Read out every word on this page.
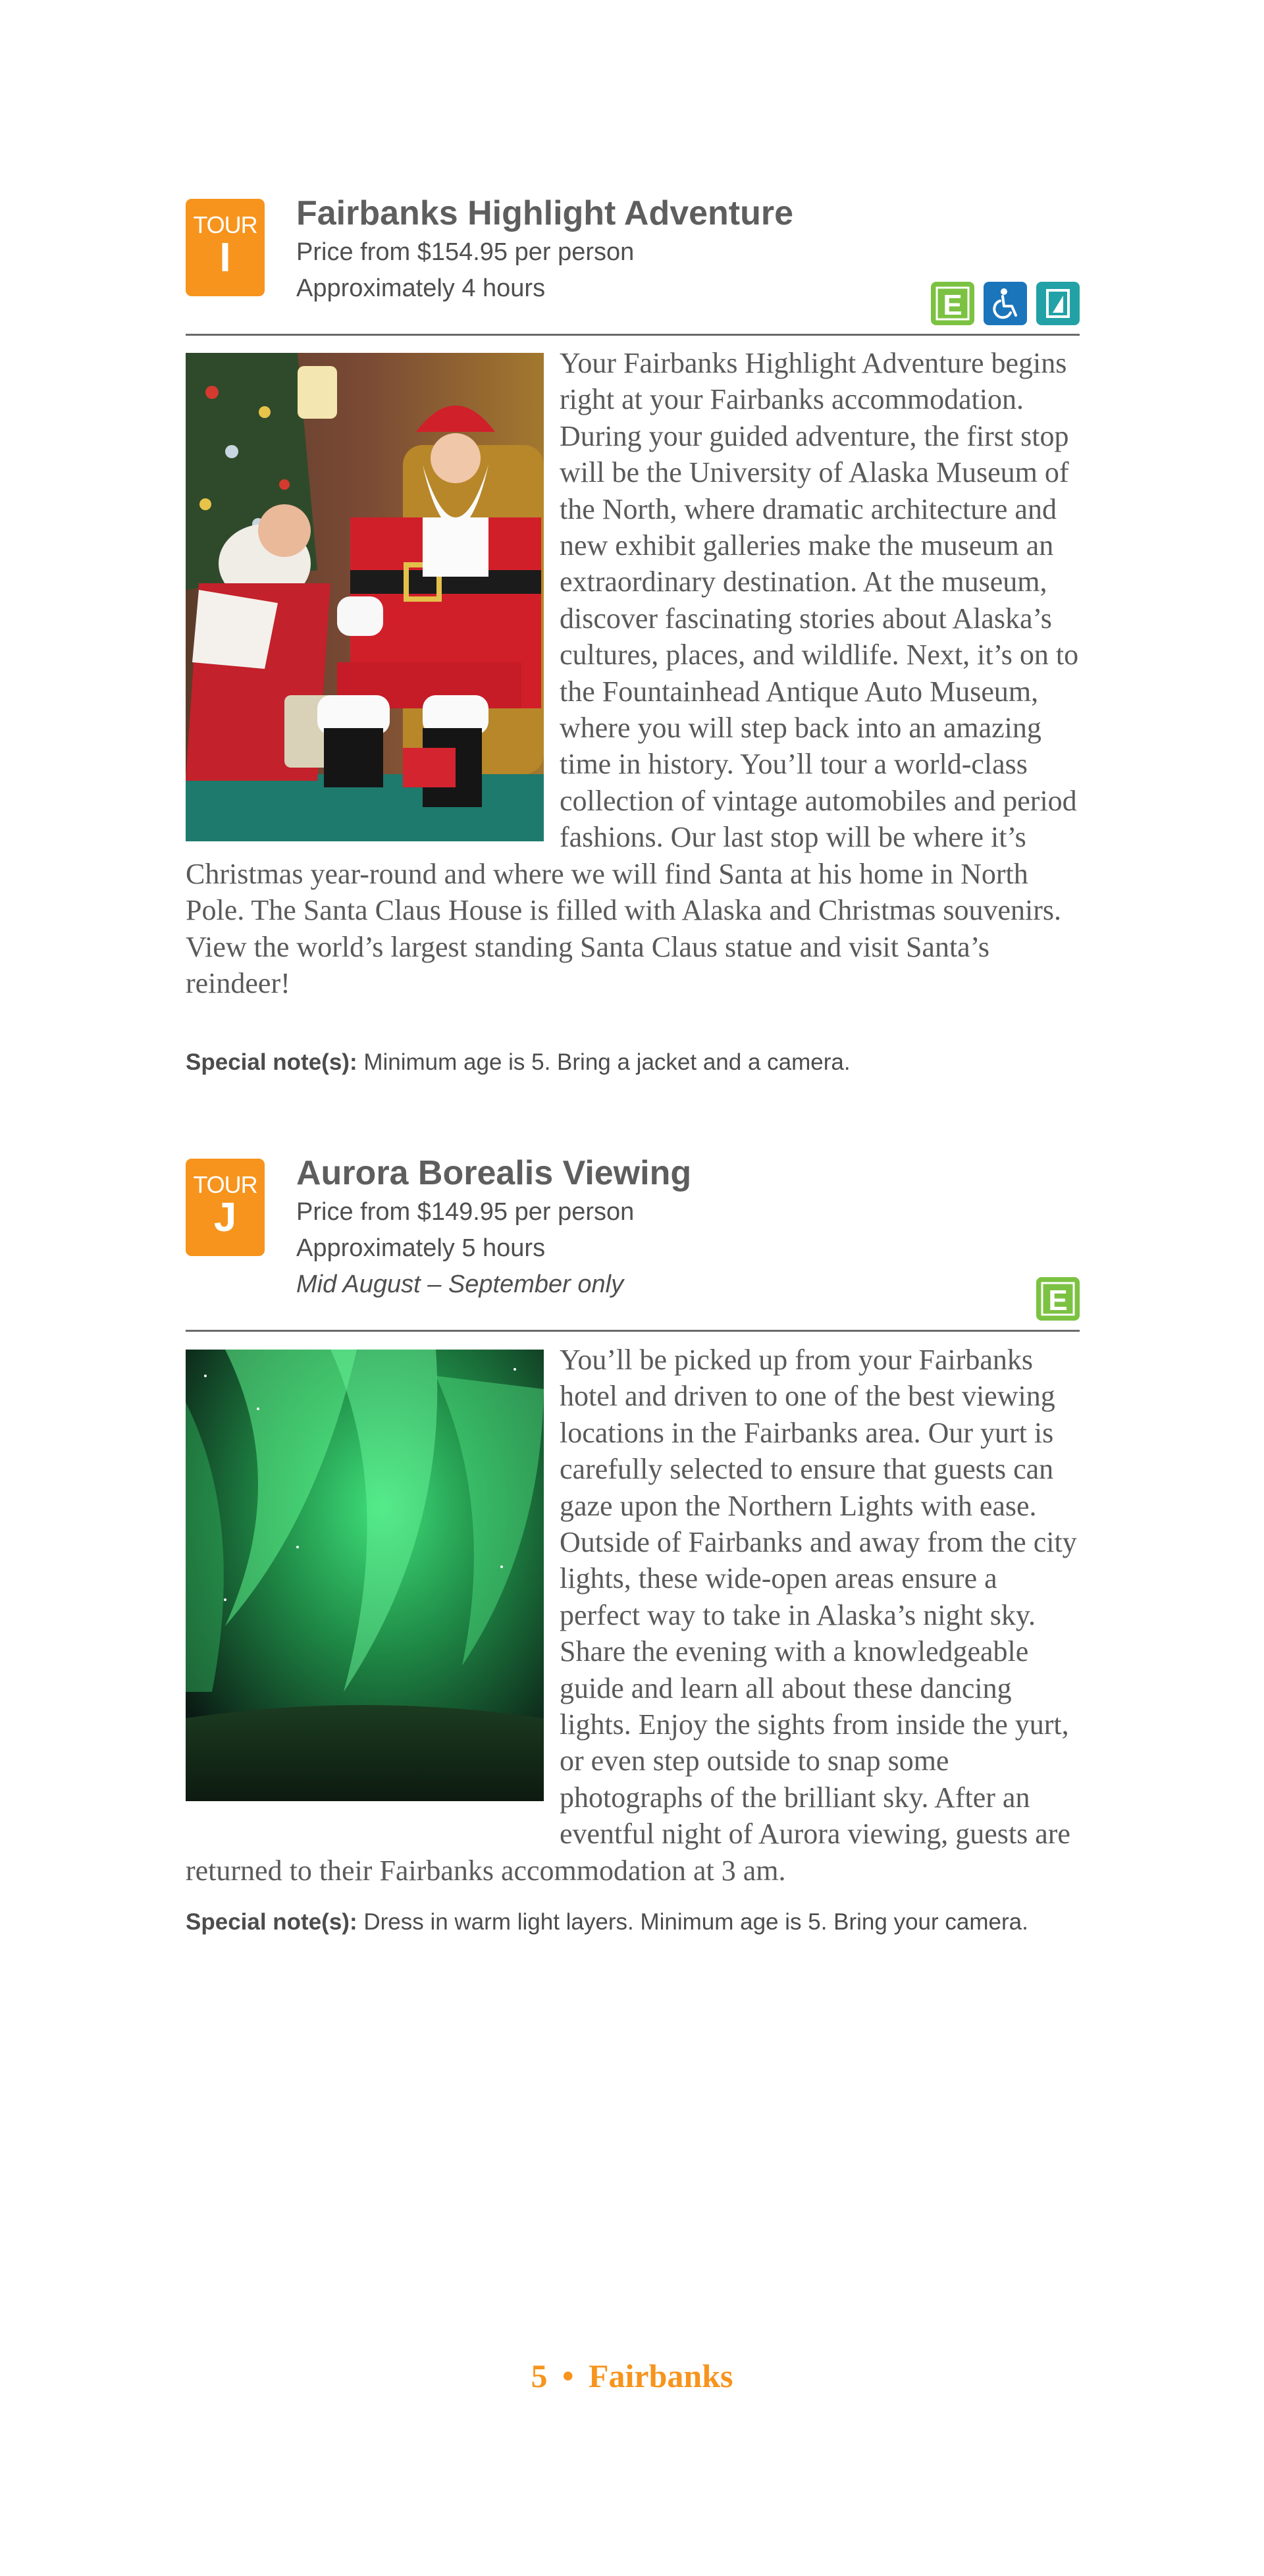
TOUR
I
Fairbanks Highlight Adventure
Price from $154.95 per person
Approximately 4 hours
E
Your Fairbanks Highlight Adventure begins right at your Fairbanks accommodation. During your guided adventure, the first stop will be the University of Alaska Museum of the North, where dramatic architecture and new exhibit galleries make the museum an extraordinary destination. At the museum, discover fascinating stories about Alaska’s cultures, places, and wildlife. Next, it’s on to the Fountainhead Antique Auto Museum, where you will step back into an amazing time in history. You’ll tour a world-class collection of vintage automobiles and period fashions. Our last stop will be where it’s Christmas year-round and where we will find Santa at his home in North Pole. The Santa Claus House is filled with Alaska and Christmas souvenirs. View the world’s largest standing Santa Claus statue and visit Santa’s reindeer!
Special note(s): Minimum age is 5. Bring a jacket and a camera.
TOUR
J
Aurora Borealis Viewing
Price from $149.95 per person
Approximately 5 hours
Mid August – September only	E
You’ll be picked up from your Fairbanks hotel and driven to one of the best viewing locations in the Fairbanks area. Our yurt is carefully selected to ensure that guests can gaze upon the Northern Lights with ease. Outside of Fairbanks and away from the city lights, these wide-open areas ensure a perfect way to take in Alaska’s night sky. Share the evening with a knowledgeable guide and learn all about these dancing lights. Enjoy the sights from inside the yurt, or even step outside to snap some photographs of the brilliant sky. After an eventful night of Aurora viewing, guests are returned to their Fairbanks accommodation at 3 am.
Special note(s): Dress in warm light layers. Minimum age is 5. Bring your camera.
5 • Fairbanks
